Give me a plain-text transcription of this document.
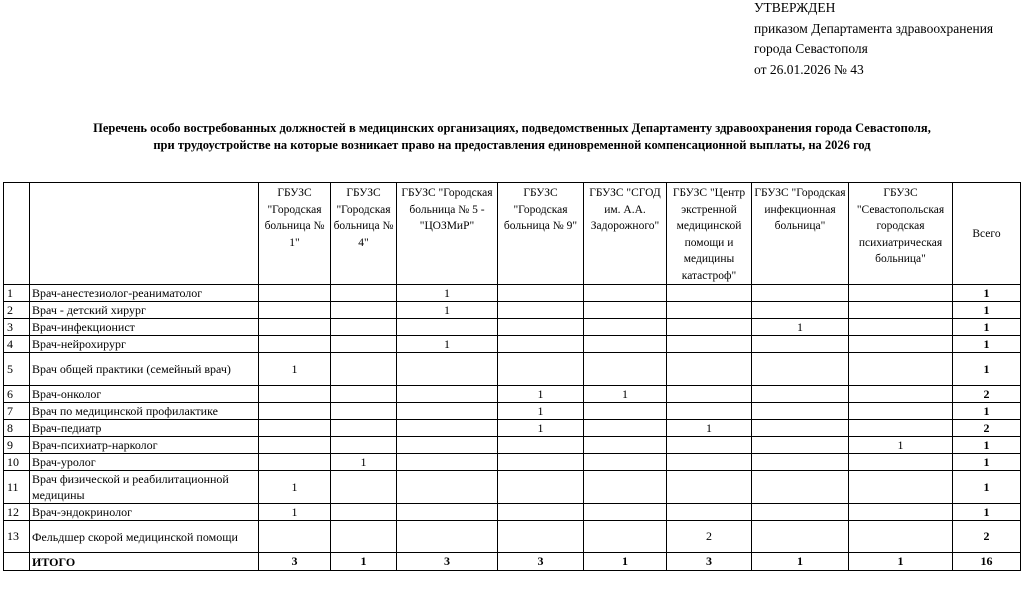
УТВЕРЖДЕН
приказом Департамента здравоохранения
города Севастополя
от 26.01.2026 № 43
Перечень особо востребованных должностей в медицинских организациях, подведомственных Департаменту здравоохранения города Севастополя,
при трудоустройстве на которые возникает право на предоставления единовременной компенсационной выплаты, на 2026 год
		ГБУЗС "Городская больница № 1"	ГБУЗС "Городская больница № 4"	ГБУЗС "Городская больница № 5 - "ЦОЗМиР"	ГБУЗС "Городская больница № 9"	ГБУЗС "СГОД им. А.А. Задорожного"	ГБУЗС "Центр экстренной медицинской помощи и медицины катастроф"	ГБУЗС "Городская инфекционная больница"	ГБУЗС "Севастопольская городская психиатрическая больница"	Всего
1	Врач-анестезиолог-реаниматолог			1						1
2	Врач - детский хирург			1						1
3	Врач-инфекционист							1		1
4	Врач-нейрохирург			1						1
5	Врач общей практики (семейный врач)	1								1
6	Врач-онколог				1	1				2
7	Врач по медицинской профилактике				1					1
8	Врач-педиатр				1		1			2
9	Врач-психиатр-нарколог								1	1
10	Врач-уролог		1							1
11	Врач физической и реабилитационной медицины	1								1
12	Врач-эндокринолог	1								1
13	Фельдшер скорой медицинской помощи						2			2
	ИТОГО	3	1	3	3	1	3	1	1	16
